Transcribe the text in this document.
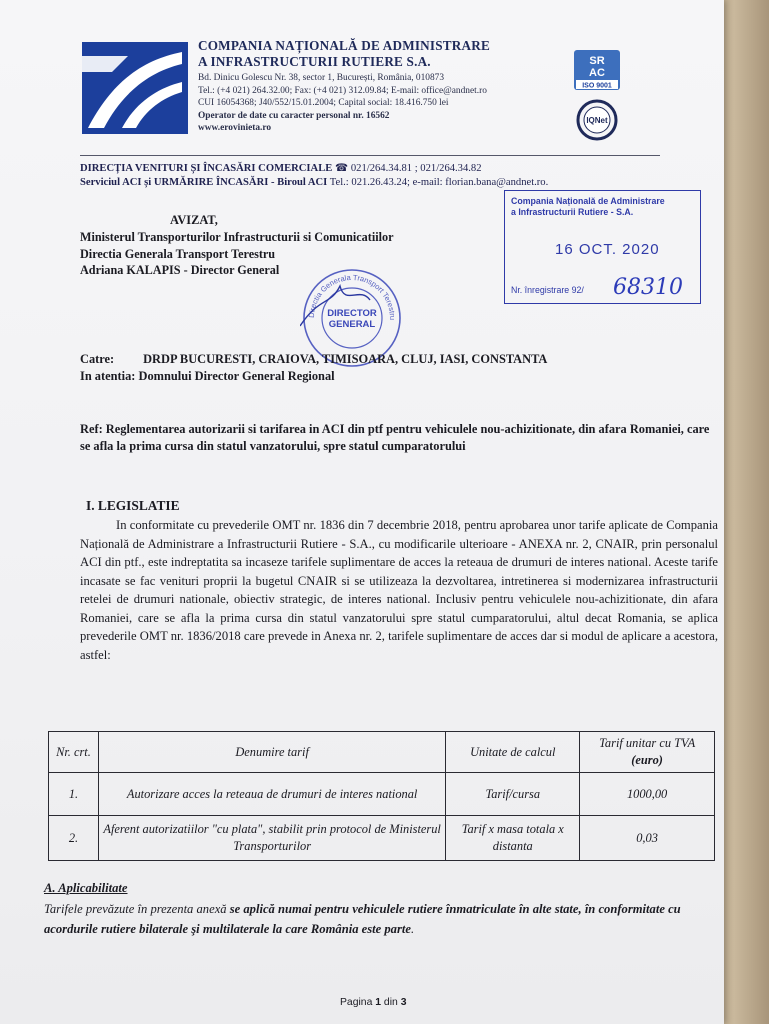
COMPANIA NAȚIONALĂ DE ADMINISTRARE
A INFRASTRUCTURII RUTIERE S.A.
Bd. Dinicu Golescu Nr. 38, sector 1, București, România, 010873
Tel.: (+4 021) 264.32.00; Fax: (+4 021) 312.09.84; E-mail: office@andnet.ro
CUI 16054368; J40/552/15.01.2004; Capital social: 18.416.750 lei
Operator de date cu caracter personal nr. 16562
www.erovinieta.ro
SR
AC
ISO 9001
IQNet
DIRECȚIA VENITURI ȘI ÎNCASĂRI COMERCIALE ☎ 021/264.34.81 ; 021/264.34.82
Serviciul ACI și URMĂRIRE ÎNCASĂRI - Biroul ACI Tel.: 021.26.43.24; e-mail: florian.bana@andnet.ro.
Compania Națională de Administrare
a Infrastructurii Rutiere - S.A.
16 OCT. 2020
Nr. înregistrare 92/ 68310
AVIZAT,
Ministerul Transporturilor Infrastructurii si Comunicatiilor
Directia Generala Transport Terestru
Adriana KALAPIS - Director General
Directia Generala Transport Terestru
DIRECTOR
GENERAL
Catre: DRDP BUCURESTI, CRAIOVA, TIMISOARA, CLUJ, IASI, CONSTANTA
In atentia: Domnului Director General Regional
Ref: Reglementarea autorizarii si tarifarea in ACI din ptf pentru vehiculele nou-achizitionate, din afara Romaniei, care se afla la prima cursa din statul vanzatorului, spre statul cumparatorului
I. LEGISLATIE

In conformitate cu prevederile OMT nr. 1836 din 7 decembrie 2018, pentru aprobarea unor tarife aplicate de Compania Națională de Administrare a Infrastructurii Rutiere - S.A., cu modificarile ulterioare - ANEXA nr. 2, CNAIR, prin personalul ACI din ptf., este indreptatita sa incaseze tarifele suplimentare de acces la reteaua de drumuri de interes national. Aceste tarife incasate se fac venituri proprii la bugetul CNAIR si se utilizeaza la dezvoltarea, intretinerea si modernizarea infrastructurii retelei de drumuri nationale, obiectiv strategic, de interes national. Inclusiv pentru vehiculele nou-achizitionate, din afara Romaniei, care se afla la prima cursa din statul vanzatorului spre statul cumparatorului, altul decat Romania, se aplica prevederile OMT nr. 1836/2018 care prevede in Anexa nr. 2, tarifele suplimentare de acces dar si modul de aplicare a acestora, astfel:

Nr. crt.	Denumire tarif	Unitate de calcul	Tarif unitar cu TVA (euro)
1.	Autorizare acces la reteaua de drumuri de interes national	Tarif/cursa	1000,00
2.	Aferent autorizatiilor "cu plata", stabilit prin protocol de Ministerul Transporturilor	Tarif x masa totala x distanta	0,03
A. Aplicabilitate
Tarifele prevăzute în prezenta anexă se aplică numai pentru vehiculele rutiere înmatriculate în alte state, în conformitate cu acordurile rutiere bilaterale şi multilaterale la care România este parte.
Pagina 1 din 3
